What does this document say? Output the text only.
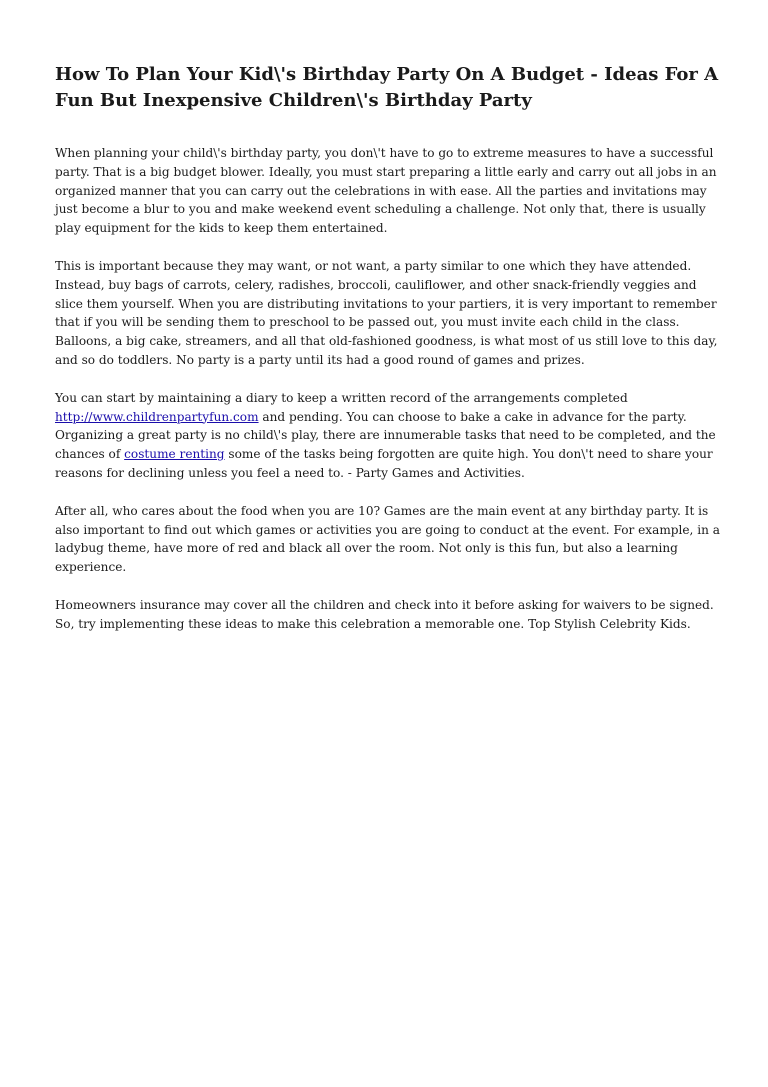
How To Plan Your Kid\'s Birthday Party On A Budget - Ideas For A Fun But Inexpensive Children\'s Birthday Party

When planning your child\'s birthday party, you don\'t have to go to extreme measures to have a successful party. That is a big budget blower. Ideally, you must start preparing a little early and carry out all jobs in an organized manner that you can carry out the celebrations in with ease. All the parties and invitations may just become a blur to you and make weekend event scheduling a challenge. Not only that, there is usually play equipment for the kids to keep them entertained.

This is important because they may want, or not want, a party similar to one which they have attended. Instead, buy bags of carrots, celery, radishes, broccoli, cauliflower, and other snack-friendly veggies and slice them yourself. When you are distributing invitations to your partiers, it is very important to remember that if you will be sending them to preschool to be passed out, you must invite each child in the class. Balloons, a big cake, streamers, and all that old-fashioned goodness, is what most of us still love to this day, and so do toddlers. No party is a party until its had a good round of games and prizes.

You can start by maintaining a diary to keep a written record of the arrangements completed http://www.childrenpartyfun.com and pending. You can choose to bake a cake in advance for the party. Organizing a great party is no child\'s play, there are innumerable tasks that need to be completed, and the chances of costume renting some of the tasks being forgotten are quite high. You don\'t need to share your reasons for declining unless you feel a need to. - Party Games and Activities.

After all, who cares about the food when you are 10? Games are the main event at any birthday party. It is also important to find out which games or activities you are going to conduct at the event. For example, in a ladybug theme, have more of red and black all over the room. Not only is this fun, but also a learning experience.

Homeowners insurance may cover all the children and check into it before asking for waivers to be signed. So, try implementing these ideas to make this celebration a memorable one. Top Stylish Celebrity Kids.
